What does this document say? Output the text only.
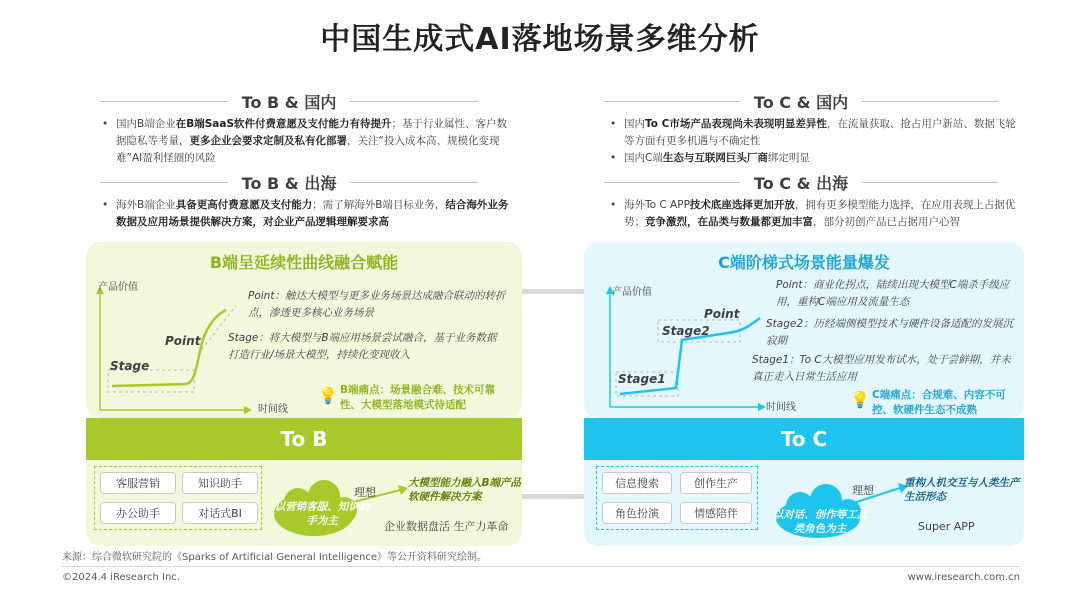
中国生成式AI落地场景多维分析
To B & 国内
• 国内B端企业在B端SaaS软件付费意愿及支付能力有待提升；基于行业属性、客户数据隐私等考量，更多企业会要求定制及私有化部署，关注“投入成本高、规模化变现难”AI盈利怪圈的风险
To B & 出海
• 海外B端企业具备更高付费意愿及支付能力；需了解海外B端目标业务，结合海外业务数据及应用场景提供解决方案，对企业产品逻辑理解要求高
To C & 国内
• 国内To C市场产品表现尚未表现明显差异性，在流量获取、抢占用户新站、数据飞轮等方面有更多机遇与不确定性
• 国内C端生态与互联网巨头厂商绑定明显
To C & 出海
• 海外To C APP技术底座选择更加开放，拥有更多模型能力选择，在应用表现上占据优势；竞争激烈，在品类与数量都更加丰富，部分初创产品已占据用户心智
B端呈延续性曲线融合赋能
产品价值
时间线
Stage
Point
Point：触达大模型与更多业务场景达成融合联动的转折点，渗透更多核心业务场景
Stage：将大模型与B端应用场景尝试融合，基于业务数据打造行业/场景大模型，持续化变现收入
💡 B端痛点：场景融合难、技术可靠性、大模型落地模式待适配
To B
客服营销	知识助手
办公助手	对话式BI	以营销客服、知识助手为主
理想
大模型能力融入B端产品软硬件解决方案
企业数据盘活 生产力革命
C端阶梯式场景能量爆发
产品价值
时间线
Stage1
Stage2
Point
Point：商业化拐点，陆续出现大模型C端杀手级应用，重构C端应用及流量生态
Stage2：历经端侧模型技术与硬件设备适配的发展沉寂期
Stage1：To C大模型应用发布试水，处于尝鲜期，并未真正走入日常生活应用
💡 C端痛点：合规难、内容不可控、软硬件生态不成熟
To C
信息搜索	创作生产
角色扮演	情感陪伴	以对话、创作等工具类角色为主
理想
重构人机交互与人类生产生活形态
Super APP
来源：综合微软研究院的《Sparks of Artificial General Intelligence》等公开资料研究绘制。
©2024.4 iResearch Inc.	www.iresearch.com.cn
